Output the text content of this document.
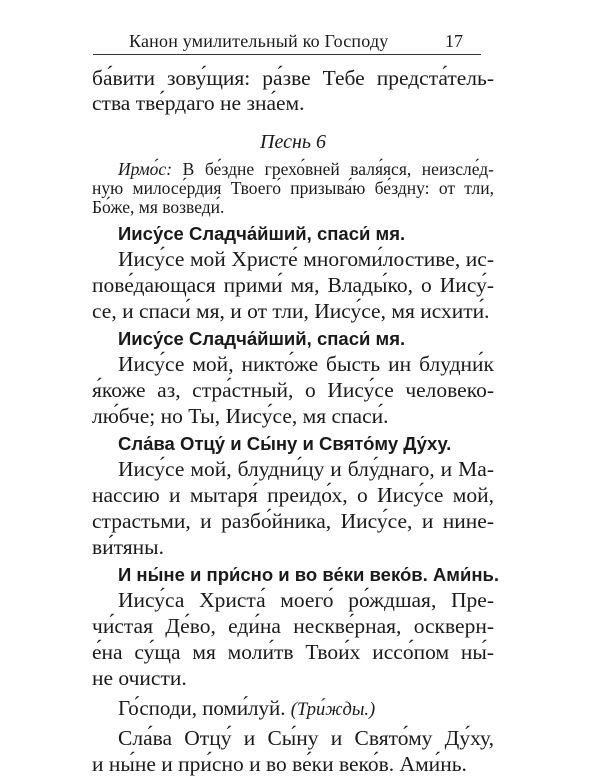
Канон умилительный ко Господу	17

ба́вити зову́щия: ра́зве Тебе предста́тель-
ства тве́рдаго не зна́ем.

Песнь 6

Ирмо́с: В бе́здне грехо́вней валя́яся, неизсле́д-
ную милосе́рдия Твоего́ призыва́ю бе́здну: от тли,
Бо́же, мя возведи́.

Иису́се Сладча́йший, спаси́ мя.

Иису́се мой Христе́ многоми́лостиве, ис-
пове́дающася прими́ мя, Влады́ко, о Иису́-
се, и спаси́ мя, и от тли, Иису́се, мя исхити́.

Иису́се Сладча́йший, спаси́ мя.

Иису́се мой, никто́же бысть ин блудни́к
я́коже аз, стра́стный, о Иису́се человеко-
лю́бче; но Ты, Иису́се, мя спаси́.

Сла́ва Отцу́ и Сы́ну и Свято́му Ду́ху.

Иису́се мой, блудни́цу и блу́днаго, и Ма-
нассию и мытаря́ преидо́х, о Иису́се мой,
страстьми, и разбо́йника, Иису́се, и нине-
ви́тяны.

И ны́не и при́сно и во ве́ки веко́в. Ами́нь.

Иису́са Христа́ моего́ ро́ждшая, Пре-
чи́стая Де́во, еди́на нескве́рная, оскверн-
е́на су́ща мя моли́тв Твои́х иссо́пом ны́-
не очисти.

Го́споди, поми́луй. (Три́жды.)

Сла́ва Отцу́ и Сы́ну и Свято́му Ду́ху,
и ны́не и при́сно и во ве́ки веко́в. Ами́нь.
